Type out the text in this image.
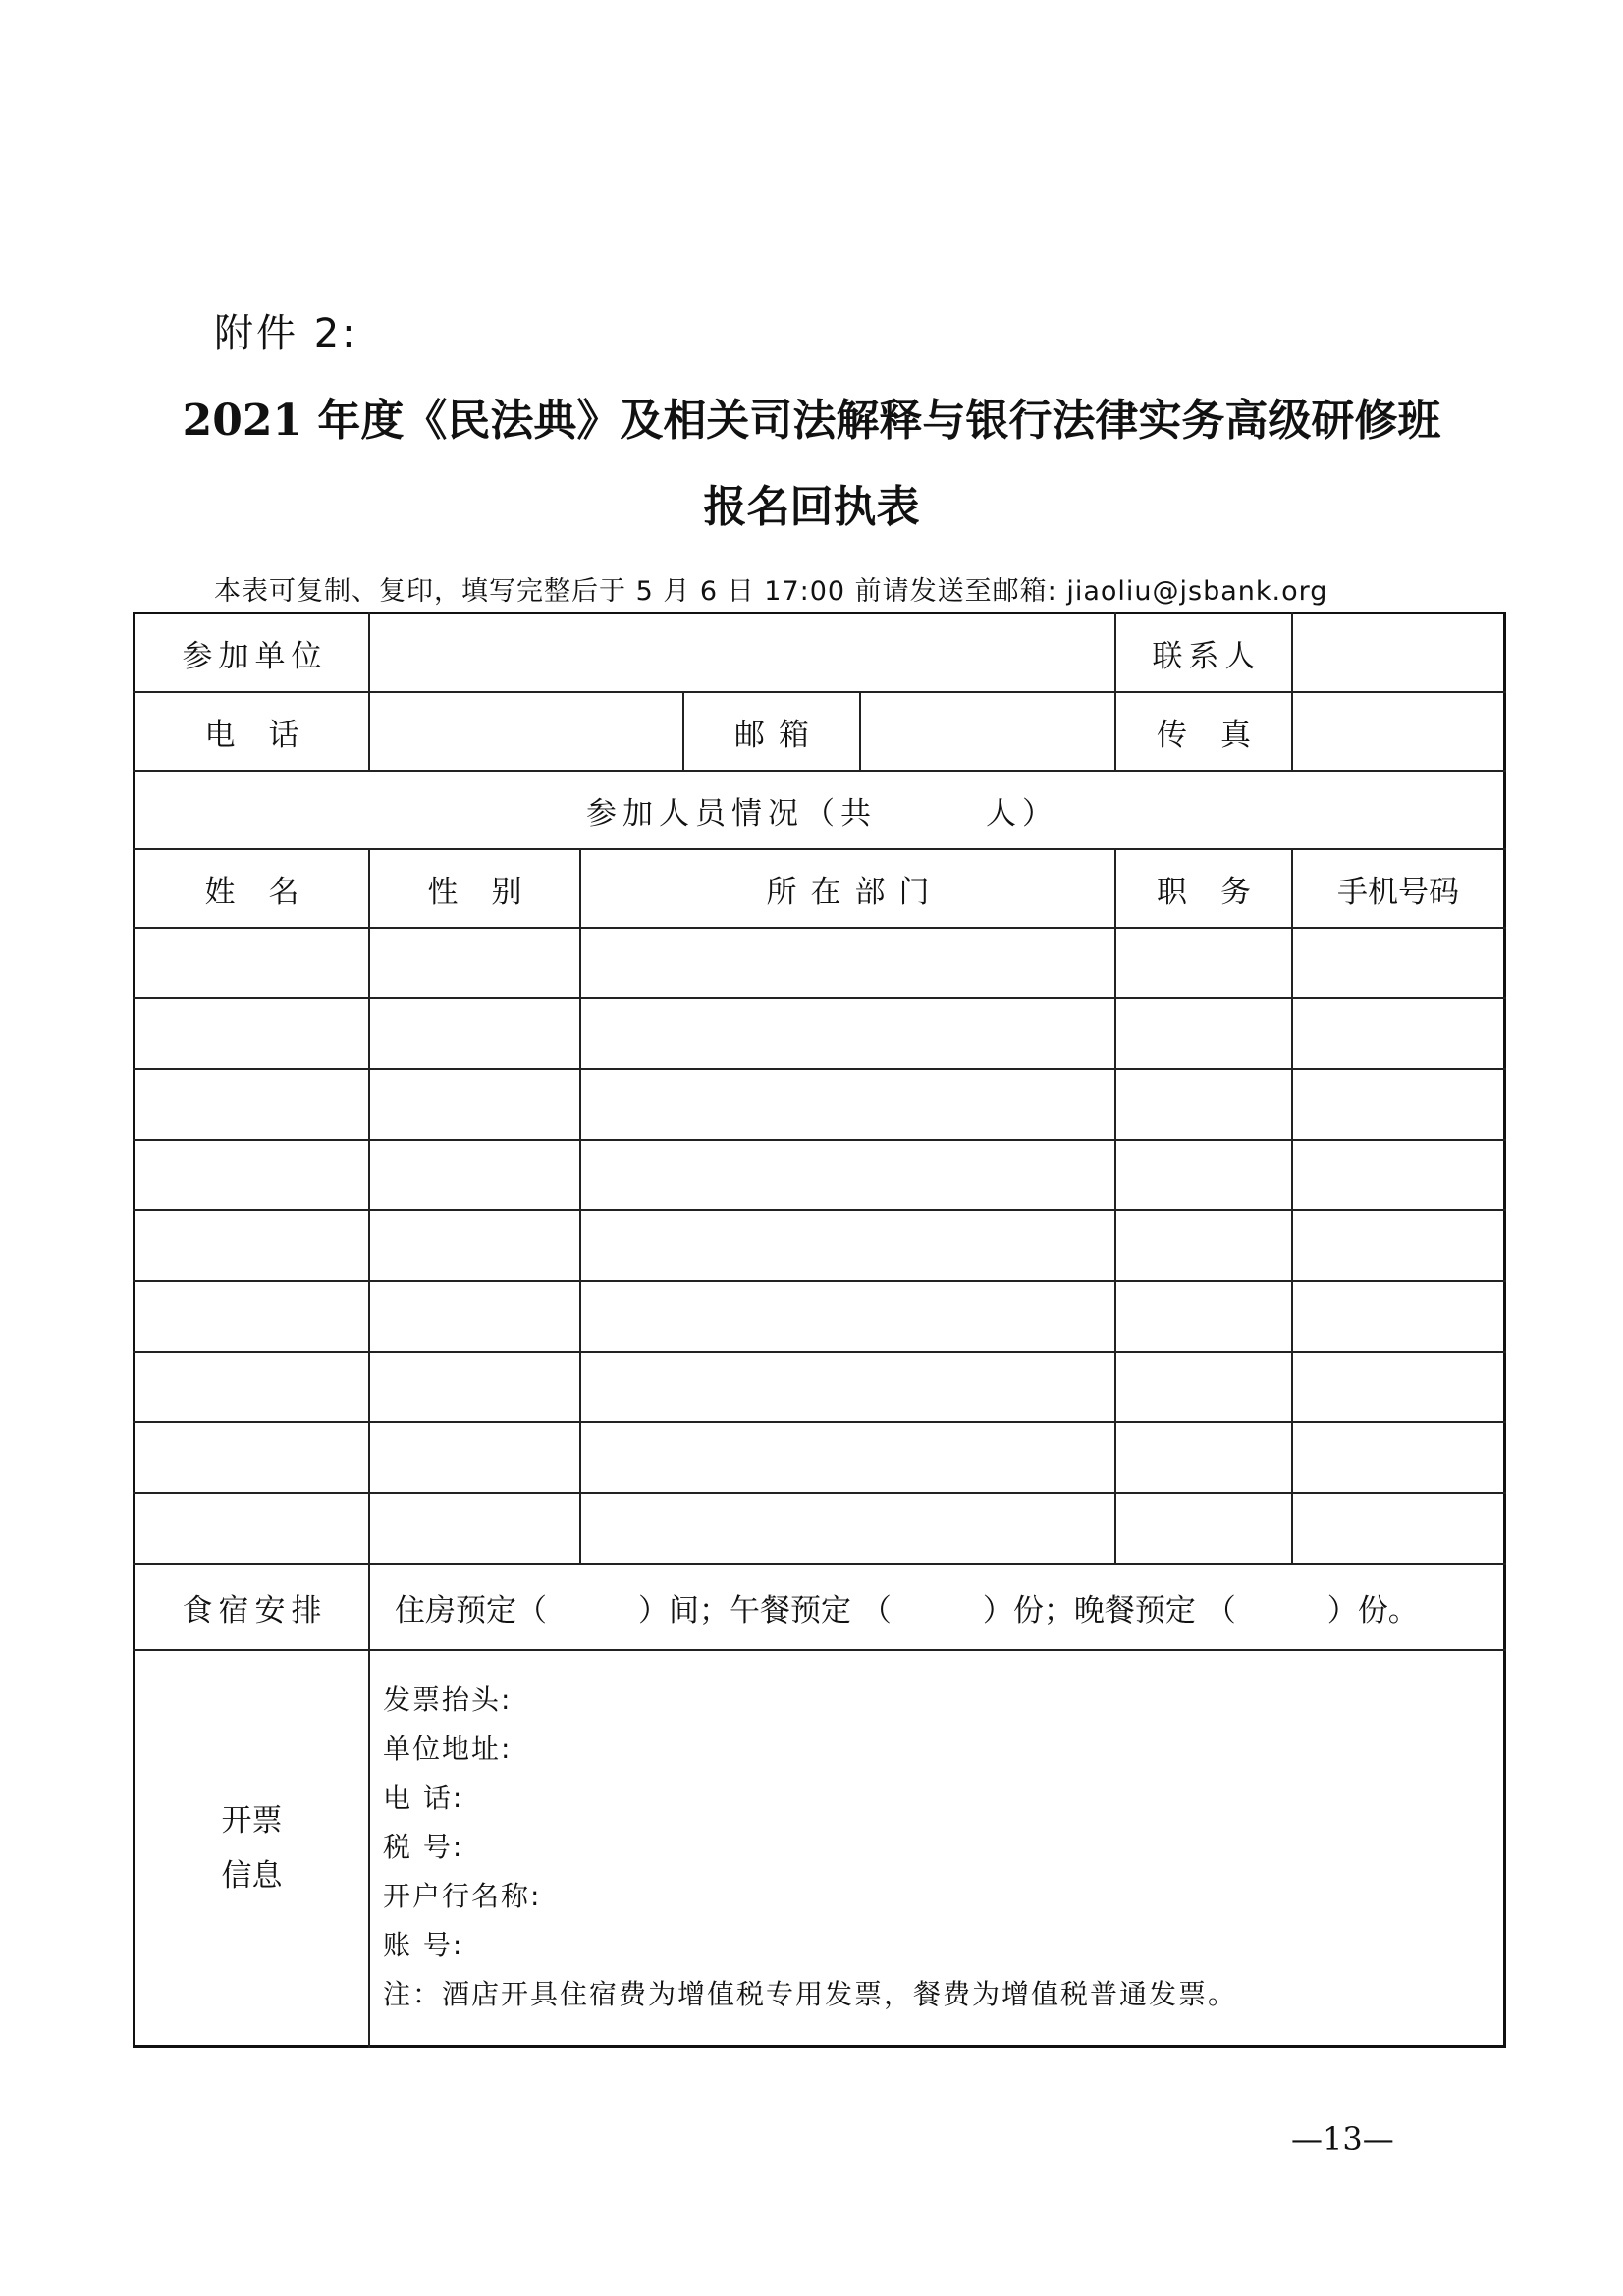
附件 2:
2021 年度《民法典》及相关司法解释与银行法律实务高级研修班
报名回执表
本表可复制、复印，填写完整后于 5 月 6 日 17:00 前请发送至邮箱: jiaoliu@jsbank.org
参加单位	联系人
电话	邮箱	传真
参加人员情况（共　　　人）
姓名	性别	所在部门	职务	手机号码
食宿安排	住房预定（　　　）间；午餐预定 （　　　）份；晚餐预定 （　　　）份。
开票
信息
发票抬头:
单位地址:
电 话:
税 号:
开户行名称:
账 号:
注：酒店开具住宿费为增值税专用发票，餐费为增值税普通发票。
—13—
